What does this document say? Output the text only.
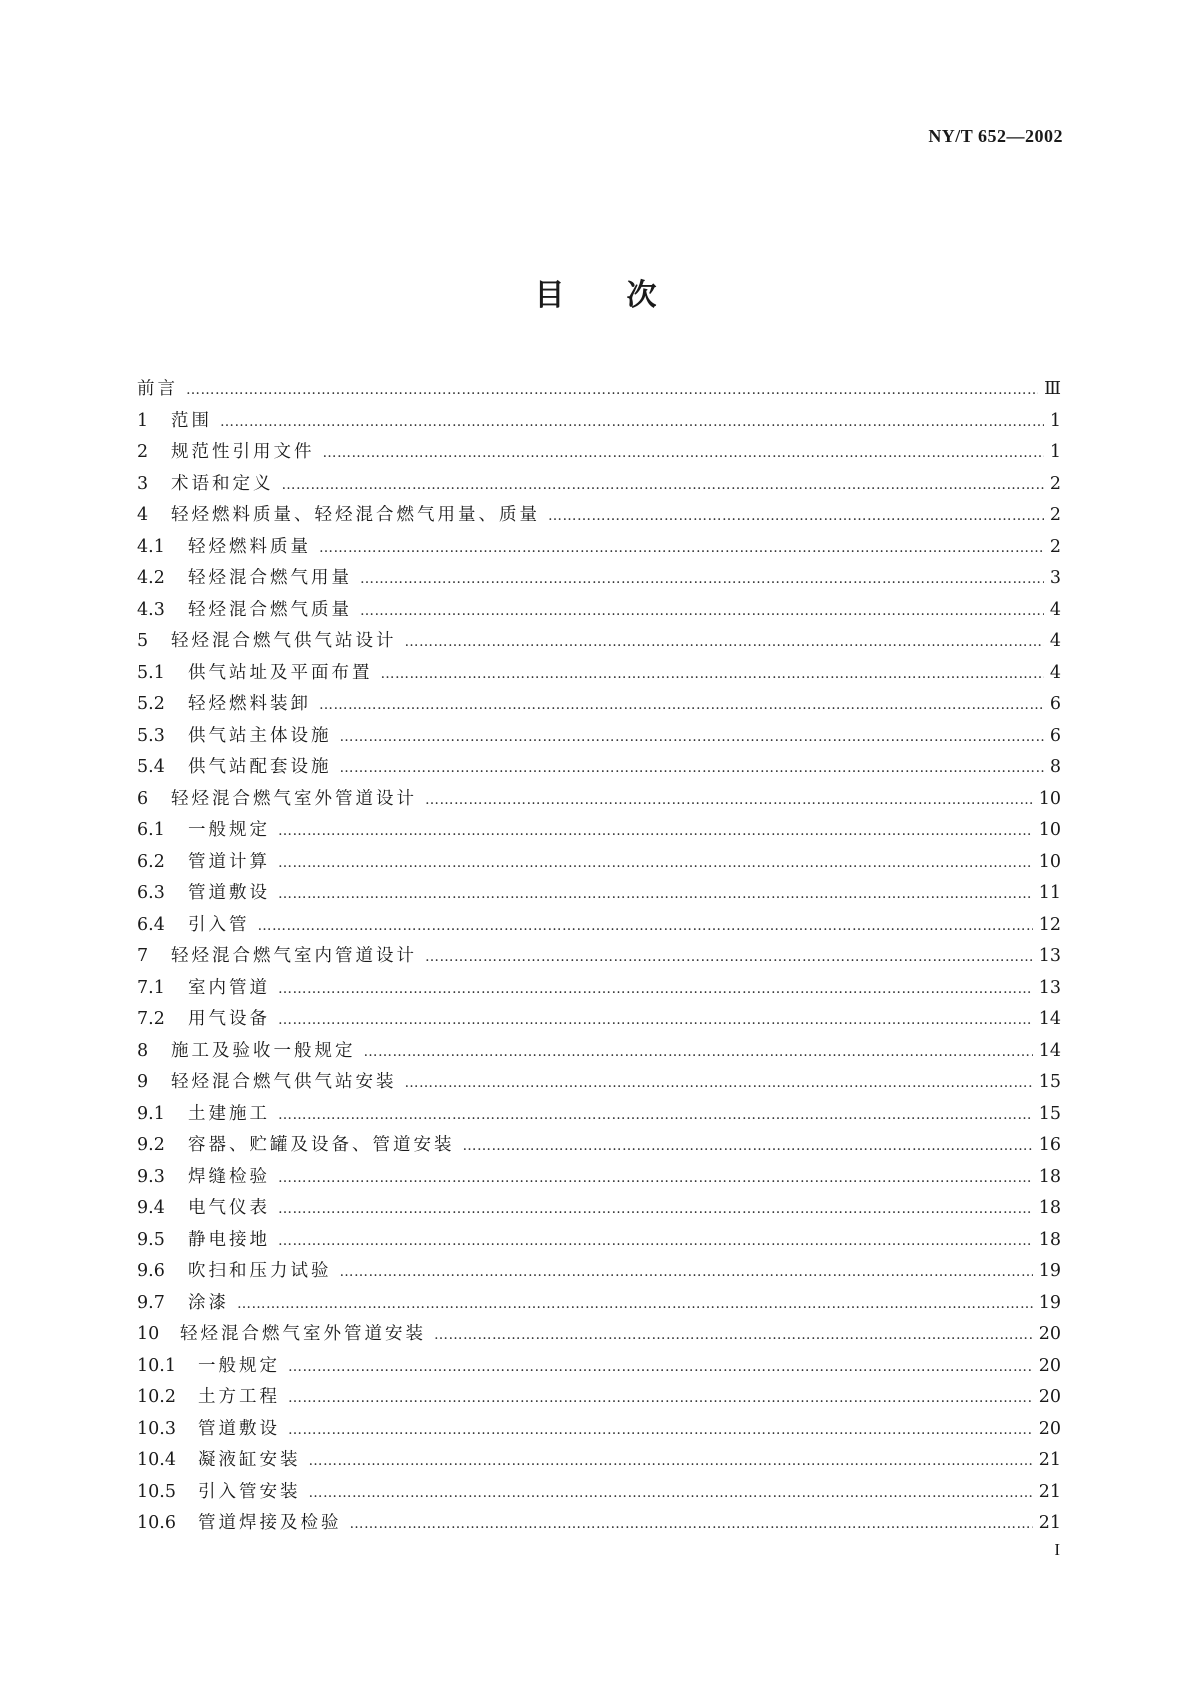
NY/T 652—2002
目次
前言 ……………………………………………………………………………………………………………………………………………………………………………………………………………………………………………………	Ⅲ
1	范围 ……………………………………………………………………………………………………………………………………………………………………………………………………………………………………………………	1
2	规范性引用文件 ……………………………………………………………………………………………………………………………………………………………………………………………………………………………………………………	1
3	术语和定义 ……………………………………………………………………………………………………………………………………………………………………………………………………………………………………………………	2
4	轻烃燃料质量、轻烃混合燃气用量、质量 ……………………………………………………………………………………………………………………………………………………………………………………………………………………………………………………	2
4.1	轻烃燃料质量 ……………………………………………………………………………………………………………………………………………………………………………………………………………………………………………………	2
4.2	轻烃混合燃气用量 ……………………………………………………………………………………………………………………………………………………………………………………………………………………………………………………	3
4.3	轻烃混合燃气质量 ……………………………………………………………………………………………………………………………………………………………………………………………………………………………………………………	4
5	轻烃混合燃气供气站设计 ……………………………………………………………………………………………………………………………………………………………………………………………………………………………………………………	4
5.1	供气站址及平面布置 ……………………………………………………………………………………………………………………………………………………………………………………………………………………………………………………	4
5.2	轻烃燃料装卸 ……………………………………………………………………………………………………………………………………………………………………………………………………………………………………………………	6
5.3	供气站主体设施 ……………………………………………………………………………………………………………………………………………………………………………………………………………………………………………………	6
5.4	供气站配套设施 ……………………………………………………………………………………………………………………………………………………………………………………………………………………………………………………	8
6	轻烃混合燃气室外管道设计 ……………………………………………………………………………………………………………………………………………………………………………………………………………………………………………………	10
6.1	一般规定 ……………………………………………………………………………………………………………………………………………………………………………………………………………………………………………………	10
6.2	管道计算 ……………………………………………………………………………………………………………………………………………………………………………………………………………………………………………………	10
6.3	管道敷设 ……………………………………………………………………………………………………………………………………………………………………………………………………………………………………………………	11
6.4	引入管 ……………………………………………………………………………………………………………………………………………………………………………………………………………………………………………………	12
7	轻烃混合燃气室内管道设计 ……………………………………………………………………………………………………………………………………………………………………………………………………………………………………………………	13
7.1	室内管道 ……………………………………………………………………………………………………………………………………………………………………………………………………………………………………………………	13
7.2	用气设备 ……………………………………………………………………………………………………………………………………………………………………………………………………………………………………………………	14
8	施工及验收一般规定 ……………………………………………………………………………………………………………………………………………………………………………………………………………………………………………………	14
9	轻烃混合燃气供气站安装 ……………………………………………………………………………………………………………………………………………………………………………………………………………………………………………………	15
9.1	土建施工 ……………………………………………………………………………………………………………………………………………………………………………………………………………………………………………………	15
9.2	容器、贮罐及设备、管道安装 ……………………………………………………………………………………………………………………………………………………………………………………………………………………………………………………	16
9.3	焊缝检验 ……………………………………………………………………………………………………………………………………………………………………………………………………………………………………………………	18
9.4	电气仪表 ……………………………………………………………………………………………………………………………………………………………………………………………………………………………………………………	18
9.5	静电接地 ……………………………………………………………………………………………………………………………………………………………………………………………………………………………………………………	18
9.6	吹扫和压力试验 ……………………………………………………………………………………………………………………………………………………………………………………………………………………………………………………	19
9.7	涂漆 ……………………………………………………………………………………………………………………………………………………………………………………………………………………………………………………	19
10	轻烃混合燃气室外管道安装 ……………………………………………………………………………………………………………………………………………………………………………………………………………………………………………………	20
10.1	一般规定 ……………………………………………………………………………………………………………………………………………………………………………………………………………………………………………………	20
10.2	土方工程 ……………………………………………………………………………………………………………………………………………………………………………………………………………………………………………………	20
10.3	管道敷设 ……………………………………………………………………………………………………………………………………………………………………………………………………………………………………………………	20
10.4	凝液缸安装 ……………………………………………………………………………………………………………………………………………………………………………………………………………………………………………………	21
10.5	引入管安装 ……………………………………………………………………………………………………………………………………………………………………………………………………………………………………………………	21
10.6	管道焊接及检验 ……………………………………………………………………………………………………………………………………………………………………………………………………………………………………………………	21
I
